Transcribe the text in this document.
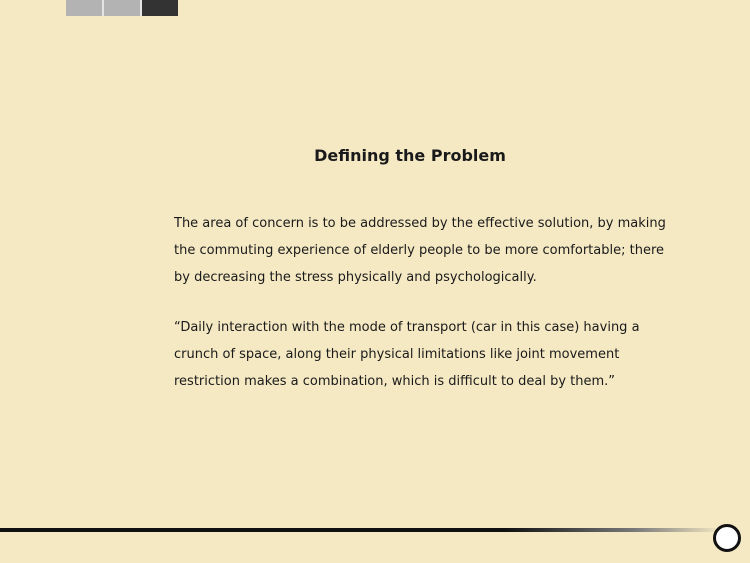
Defining the Problem

The area of concern is to be addressed by the effective solution, by making
the commuting experience of elderly people to be more comfortable; there
by decreasing the stress physically and psychologically.

“Daily interaction with the mode of transport (car in this case) having a
crunch of space, along their physical limitations like joint movement
restriction makes a combination, which is difficult to deal by them.”
